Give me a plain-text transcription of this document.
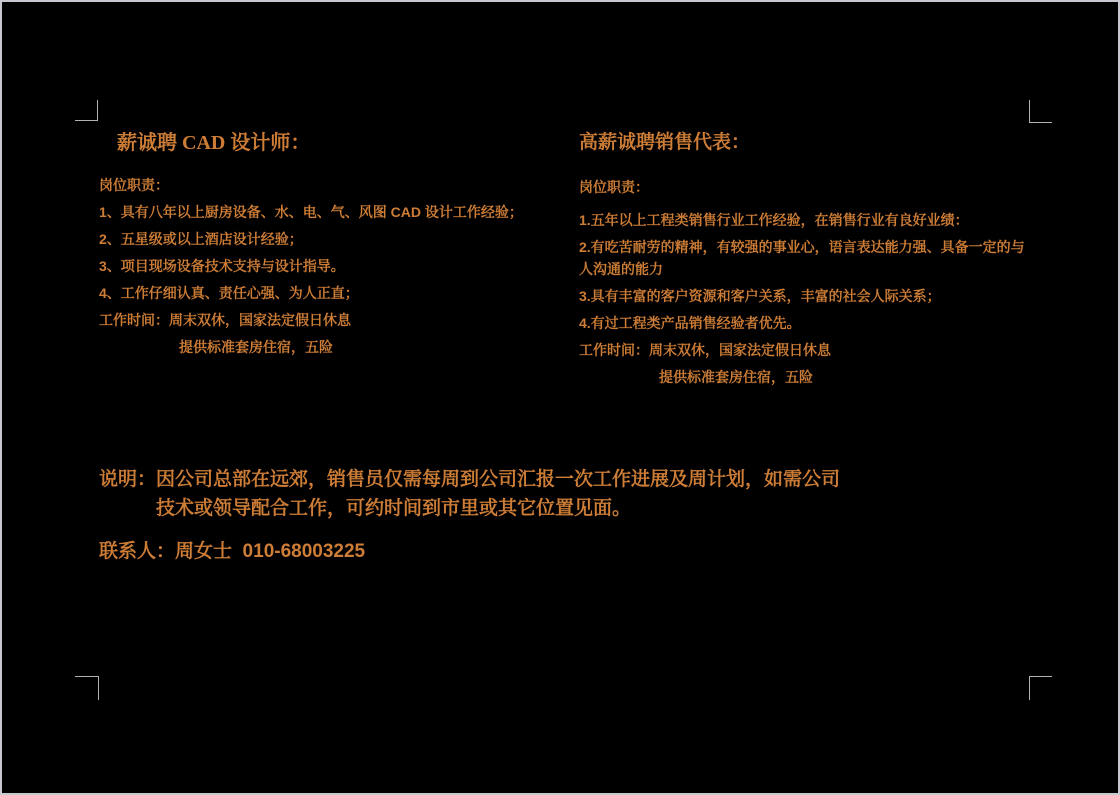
薪诚聘 CAD 设计师：
岗位职责：
1、具有八年以上厨房设备、水、电、气、风图 CAD 设计工作经验；
2、五星级或以上酒店设计经验；
3、项目现场设备技术支持与设计指导。
4、工作仔细认真、责任心强、为人正直；
工作时间：周末双休，国家法定假日休息
提供标准套房住宿，五险
高薪诚聘销售代表：
岗位职责：
1.五年以上工程类销售行业工作经验，在销售行业有良好业绩：
2.有吃苦耐劳的精神，有较强的事业心，语言表达能力强、具备一定的与人沟通的能力
3.具有丰富的客户资源和客户关系，丰富的社会人际关系；
4.有过工程类产品销售经验者优先。
工作时间：周末双休，国家法定假日休息
提供标准套房住宿，五险
说明：因公司总部在远郊，销售员仅需每周到公司汇报一次工作进展及周计划，如需公司
技术或领导配合工作，可约时间到市里或其它位置见面。
联系人：周女士  010-68003225
